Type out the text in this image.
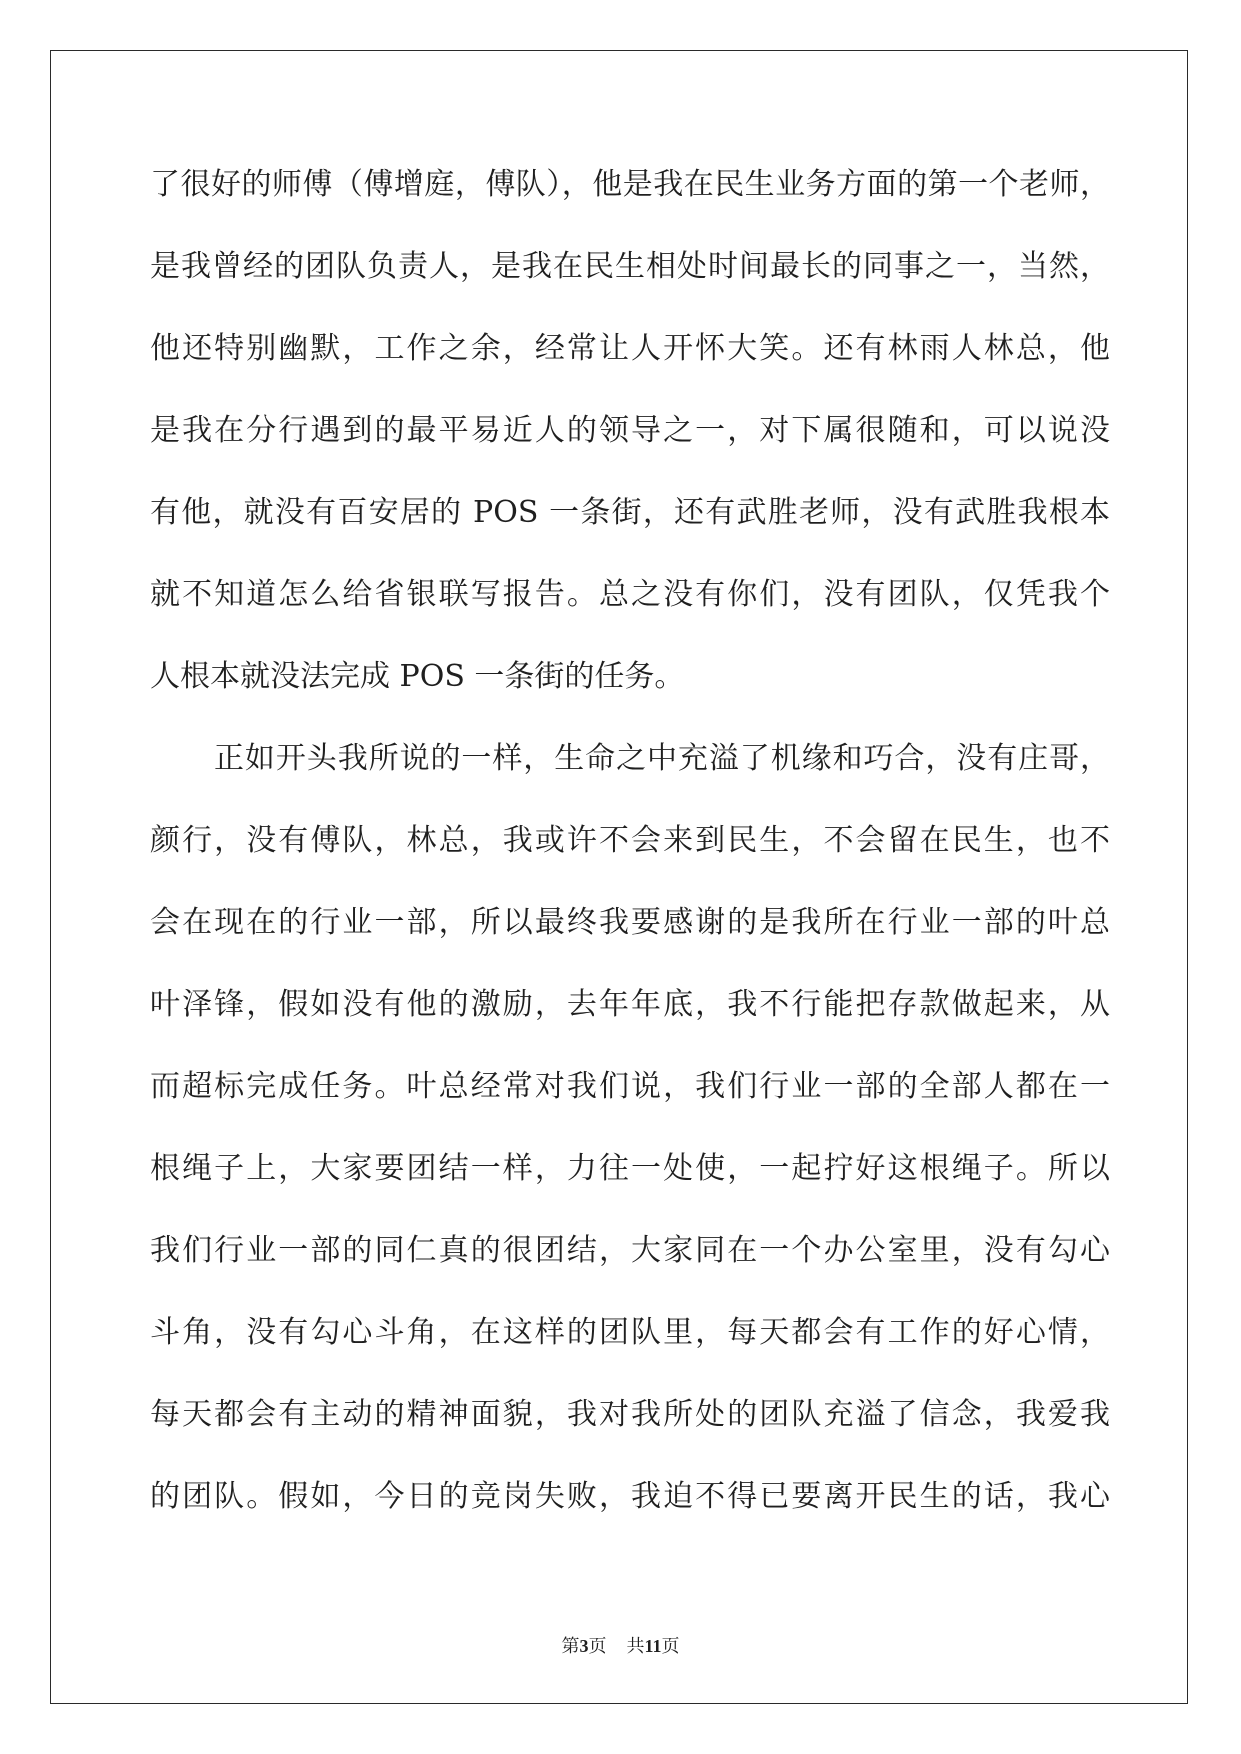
了很好的师傅（傅增庭，傅队），他是我在民生业务方面的第一个老师，
是我曾经的团队负责人，是我在民生相处时间最长的同事之一，当然，
他还特别幽默，工作之余，经常让人开怀大笑。还有林雨人林总，他
是我在分行遇到的最平易近人的领导之一，对下属很随和，可以说没
有他，就没有百安居的 POS 一条街，还有武胜老师，没有武胜我根本
就不知道怎么给省银联写报告。总之没有你们，没有团队，仅凭我个
人根本就没法完成 POS 一条街的任务。
正如开头我所说的一样，生命之中充溢了机缘和巧合，没有庄哥，
颜行，没有傅队，林总，我或许不会来到民生，不会留在民生，也不
会在现在的行业一部，所以最终我要感谢的是我所在行业一部的叶总
叶泽锋，假如没有他的激励，去年年底，我不行能把存款做起来，从
而超标完成任务。叶总经常对我们说，我们行业一部的全部人都在一
根绳子上，大家要团结一样，力往一处使，一起拧好这根绳子。所以
我们行业一部的同仁真的很团结，大家同在一个办公室里，没有勾心
斗角，没有勾心斗角，在这样的团队里，每天都会有工作的好心情，
每天都会有主动的精神面貌，我对我所处的团队充溢了信念，我爱我
的团队。假如，今日的竞岗失败，我迫不得已要离开民生的话，我心
第3页 共11页
